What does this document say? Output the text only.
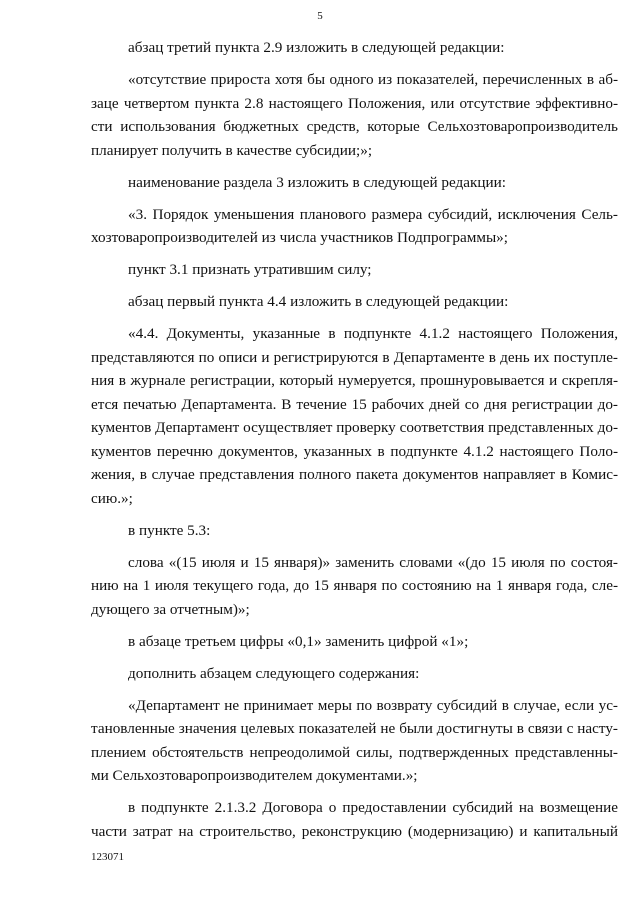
5
абзац третий пункта 2.9 изложить в следующей редакции:
«отсутствие прироста хотя бы одного из показателей, перечисленных в аб-
заце четвертом пункта 2.8 настоящего Положения, или отсутствие эффективно-
сти использования бюджетных средств, которые Сельхозтоваропроизводитель
планирует получить в качестве субсидии;»;
наименование раздела 3 изложить в следующей редакции:
«3. Порядок уменьшения планового размера субсидий, исключения Сель-
хозтоваропроизводителей из числа участников Подпрограммы»;
пункт 3.1 признать утратившим силу;
абзац первый пункта 4.4 изложить в следующей редакции:
«4.4. Документы, указанные в подпункте 4.1.2 настоящего Положения,
представляются по описи и регистрируются в Департаменте в день их поступле-
ния в журнале регистрации, который нумеруется, прошнуровывается и скрепля-
ется печатью Департамента. В течение 15 рабочих дней со дня регистрации до-
кументов Департамент осуществляет проверку соответствия представленных до-
кументов перечню документов, указанных в подпункте 4.1.2 настоящего Поло-
жения, в случае представления полного пакета документов направляет в Комис-
сию.»;
в пункте 5.3:
слова «(15 июля и 15 января)» заменить словами «(до 15 июля по состоя-
нию на 1 июля текущего года, до 15 января по состоянию на 1 января года, сле-
дующего за отчетным)»;
в абзаце третьем цифры «0,1» заменить цифрой «1»;
дополнить абзацем следующего содержания:
«Департамент не принимает меры по возврату субсидий в случае, если ус-
тановленные значения целевых показателей не были достигнуты в связи с насту-
плением обстоятельств непреодолимой силы, подтвержденных представленны-
ми Сельхозтоваропроизводителем документами.»;
в подпункте 2.1.3.2 Договора о предоставлении субсидий на возмещение
части затрат на строительство, реконструкцию (модернизацию) и капитальный
123071
